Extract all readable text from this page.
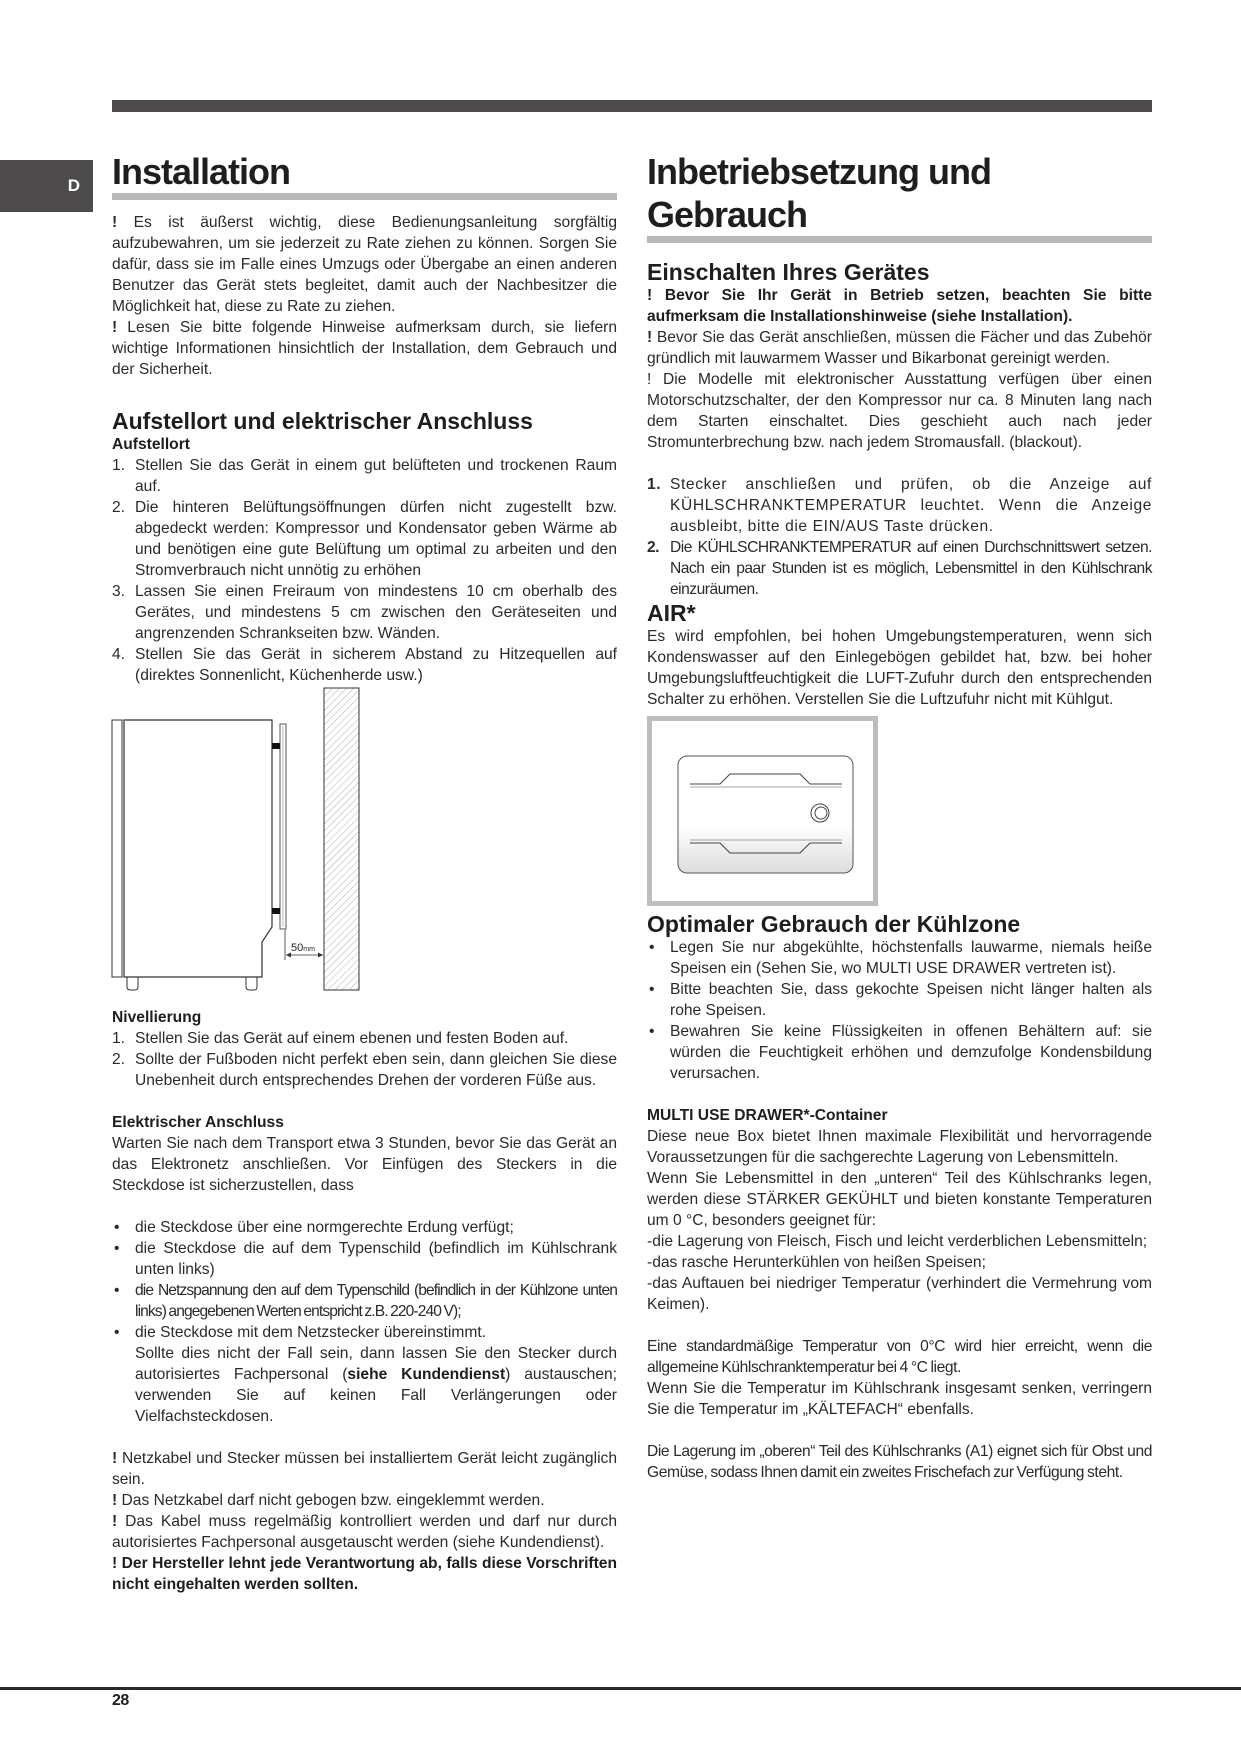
D Installation

! Es ist äußerst wichtig, diese Bedienungsanleitung sorgfältig aufzubewahren, um sie jederzeit zu Rate ziehen zu können. Sorgen Sie dafür, dass sie im Falle eines Umzugs oder Übergabe an einen anderen Benutzer das Gerät stets begleitet, damit auch der Nachbesitzer die Möglichkeit hat, diese zu Rate zu ziehen.

! Lesen Sie bitte folgende Hinweise aufmerksam durch, sie liefern wichtige Informationen hinsichtlich der Installation, dem Gebrauch und der Sicherheit.

Aufstellort und elektrischer Anschluss
Aufstellort
1. Stellen Sie das Gerät in einem gut belüfteten und trockenen Raum auf.
2. Die hinteren Belüftungsöffnungen dürfen nicht zugestellt bzw. abgedeckt werden: Kompressor und Kondensator geben Wärme ab und benötigen eine gute Belüftung um optimal zu arbeiten und den Stromverbrauch nicht unnötig zu erhöhen
3. Lassen Sie einen Freiraum von mindestens 10 cm oberhalb des Gerätes, und mindestens 5 cm zwischen den Geräteseiten und angrenzenden Schrankseiten bzw. Wänden.
4. Stellen Sie das Gerät in sicherem Abstand zu Hitzequellen auf (direktes Sonnenlicht, Küchenherde usw.)
50mm
Nivellierung
1. Stellen Sie das Gerät auf einem ebenen und festen Boden auf.
2. Sollte der Fußboden nicht perfekt eben sein, dann gleichen Sie diese Unebenheit durch entsprechendes Drehen der vorderen Füße aus.
Elektrischer Anschluss

Warten Sie nach dem Transport etwa 3 Stunden, bevor Sie das Gerät an das Elektronetz anschließen. Vor Einfügen des Steckers in die Steckdose ist sicherzustellen, dass

• die Steckdose über eine normgerechte Erdung verfügt;
• die Steckdose die auf dem Typenschild (befindlich im Kühlschrank unten links)
• die Netzspannung den auf dem Typenschild (befindlich in der Kühlzone unten links) angegebenen Werten entspricht z.B. 220-240 V);
• die Steckdose mit dem Netzstecker übereinstimmt.
Sollte dies nicht der Fall sein, dann lassen Sie den Stecker durch autorisiertes Fachpersonal (siehe Kundendienst) austauschen; verwenden Sie auf keinen Fall Verlängerungen oder Vielfachsteckdosen.

! Netzkabel und Stecker müssen bei installiertem Gerät leicht zugänglich sein.

! Das Netzkabel darf nicht gebogen bzw. eingeklemmt werden.

! Das Kabel muss regelmäßig kontrolliert werden und darf nur durch autorisiertes Fachpersonal ausgetauscht werden (siehe Kundendienst).

! Der Hersteller lehnt jede Verantwortung ab, falls diese Vorschriften nicht eingehalten werden sollten.

Inbetriebsetzung und
Gebrauch
Einschalten Ihres Gerätes

! Bevor Sie Ihr Gerät in Betrieb setzen, beachten Sie bitte aufmerksam die Installationshinweise (siehe Installation).

! Bevor Sie das Gerät anschließen, müssen die Fächer und das Zubehör gründlich mit lauwarmem Wasser und Bikarbonat gereinigt werden.

! Die Modelle mit elektronischer Ausstattung verfügen über einen Motorschutzschalter, der den Kompressor nur ca. 8 Minuten lang nach dem Starten einschaltet. Dies geschieht auch nach jeder Stromunterbrechung bzw. nach jedem Stromausfall. (blackout).

1. Stecker anschließen und prüfen, ob die Anzeige auf KÜHLSCHRANKTEMPERATUR leuchtet. Wenn die Anzeige ausbleibt, bitte die EIN/AUS Taste drücken.
2. Die KÜHLSCHRANKTEMPERATUR auf einen Durchschnittswert setzen. Nach ein paar Stunden ist es möglich, Lebensmittel in den Kühlschrank einzuräumen.
AIR*

Es wird empfohlen, bei hohen Umgebungstemperaturen, wenn sich Kondenswasser auf den Einlegebögen gebildet hat, bzw. bei hoher Umgebungsluftfeuchtigkeit die LUFT-Zufuhr durch den entsprechenden Schalter zu erhöhen. Verstellen Sie die Luftzufuhr nicht mit Kühlgut.

Optimaler Gebrauch der Kühlzone
• Legen Sie nur abgekühlte, höchstenfalls lauwarme, niemals heiße Speisen ein (Sehen Sie, wo MULTI USE DRAWER vertreten ist).
• Bitte beachten Sie, dass gekochte Speisen nicht länger halten als rohe Speisen.
• Bewahren Sie keine Flüssigkeiten in offenen Behältern auf: sie würden die Feuchtigkeit erhöhen und demzufolge Kondensbildung verursachen.
MULTI USE DRAWER*-Container

Diese neue Box bietet Ihnen maximale Flexibilität und hervorragende Voraussetzungen für die sachgerechte Lagerung von Lebensmitteln.

Wenn Sie Lebensmittel in den „unteren“ Teil des Kühlschranks legen, werden diese STÄRKER GEKÜHLT und bieten konstante Temperaturen um 0 °C, besonders geeignet für:

-die Lagerung von Fleisch, Fisch und leicht verderblichen Lebensmitteln;

-das rasche Herunterkühlen von heißen Speisen;

-das Auftauen bei niedriger Temperatur (verhindert die Vermehrung vom Keimen).

Eine standardmäßige Temperatur von 0°C wird hier erreicht, wenn die allgemeine Kühlschranktemperatur bei 4 °C liegt.

Wenn Sie die Temperatur im Kühlschrank insgesamt senken, verringern Sie die Temperatur im „KÄLTEFACH“ ebenfalls.

Die Lagerung im „oberen“ Teil des Kühlschranks (A1) eignet sich für Obst und Gemüse, sodass Ihnen damit ein zweites Frischefach zur Verfügung steht.

28
